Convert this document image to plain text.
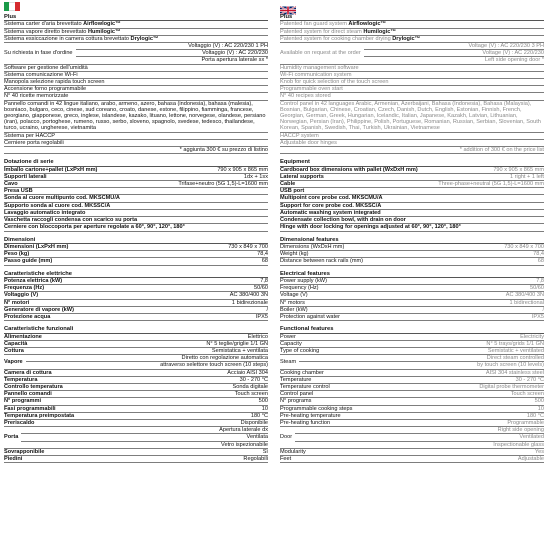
Plus
Sistema carter d'aria brevettato Airflowlogic™
Sistema vapore diretto brevettato Humilogic™
Sistema essiccazione in camera cottura brevettato Drylogic™
Su richiesta in fase d'ordine
Voltaggio (V) : AC 220/230 1 PH
Voltaggio (V) : AC 220/230
Porta apertura laterale sx *
Software per gestione dell'umidità
Sistema comunicazione Wi-Fi
Manopola selezione rapida touch screen
Accensione forno programmabile
N° 40 ricette memorizzate
Pannello comandi in 42 lingue italiano, arabo, armeno, azero, bahasa (indonesia), bahasa (malesia), bosniaco, bulgaro, ceco, cinese, sud coreano, croato, danese, estone, filippino, fiamminga, francese, georgiano, giapponese, greco, inglese, islandese, kazako, lituano, lettone, norvegese, olandese, persiano (iran), polacco, portoghese, rumeno, russo, serbo, sloveno, spagnolo, svedese, tedesco, thailandese, turco, ucraino, ungherese, vietnamita
Sistema per HACCP
Cerniere porta regolabili
* aggiunta 300 € su prezzo di listino
Dotazione di serie
Imballo cartone+pallet (LxPxH mm)	790 x 905 x 865 mm
Supporti laterali	1dx + 1sx
Cavo	Trifase+neutro (5G 1,5)-L=1600 mm
Presa USB
Sonda al cuore multipunto cod. MKSCMU/A
Supporto sonda al cuore cod. MKSSC/A
Lavaggio automatico integrato
Vaschetta raccogli condensa con scarico su porta
Cerniere con bloccoporta per aperture regolate a 60°, 90°, 120°, 180°
Dimensioni
Dimensioni (LxPxH mm)	730 x 849 x 700
Peso (kg)	78,4
Passo guide (mm)	68
Caratteristiche elettriche
Potenza elettrica (kW)	7,8
Frequenza (Hz)	50/60
Voltaggio (V)	AC 380/400 3N
N° motori	1 bidirezionale
Generatore di vapore (kW)	/
Protezione acqua	IPX5
Caratteristiche funzionali
Alimentazione	Elettrico
Capacità	N° 5 teglie/griglie 1/1 GN
Cottura	Semistatica + ventilata
Vapore
Diretto con regolazione automatica
attraverso selettore touch screen (10 steps)
Camera di cottura	Acciaio AISI 304
Temperatura	30 - 270 °C
Controllo temperatura	Sonda digitale
Pannello comandi	Touch screen
N° programmi	500
Fasi programmabili	10
Temperatura preimpostata	180 °C
Preriscaldo	Disponibile
Porta
Apertura laterale dx
Ventilata
Vetro ispezionabile
Sovrapponibile	Sì
Piedini	Regolabili
Plus
Patented fan guard system Airflowlogic™
Patented system for direct steam Humilogic™
Patented system for cooking chamber drying Drylogic™
Available on request at the order
Voltage (V) : AC 220/230 3 PH
Voltage (V) : AC 220/230
Left side opening door *
Humidity management software
Wi-Fi communication system
Knob for quick selection of the touch screen
Programmable oven start
N° 40 recipes stored
Control panel in 42 languages Arabic, Armenian, Azerbaijani, Bahasa (Indonesia), Bahasa (Malaysia), Bosnian, Bulgarian, Chinese, Croatian, Czech, Danish, Dutch, English, Estonian, Finnish, French, Georgian, German, Greek, Hungarian, Icelandic, Italian, Japanese, Kazakh, Latvian, Lithuanian, Norwegian, Persian (Iran), Philippine, Polish, Portuguese, Romanian, Russian, Serbian, Slovenian, South Korean, Spanish, Swedish, Thai, Turkish, Ukrainian, Vietnamese
HACCP system
Adjustable door hinges
* addition of 300 € on the price list
Equipment
Cardboard box dimensions with pallet (WxDxH mm)	790 x 905 x 865 mm
Lateral supports	1 right + 1 left
Cable	Three-phase+neutral (5G 1,5)-L=1600 mm
USB port
Multipoint core probe cod. MKSCMU/A
Support for core probe cod. MKSSC/A
Automatic washing system integrated
Condensate collection bowl, with drain on door
Hinge with door locking for openings adjusted at 60°, 90°, 120°, 180°
Dimensional features
Dimensions (WxDxH mm)	730 x 849 x 700
Weight (kg)	78,4
Distance between rack rails (mm)	68
Electrical features
Power supply (kW)	7,8
Frequency (Hz)	50/60
Voltage (V)	AC 380/400 3N
N° motors	1 bidirectional
Boiler (kW)	/
Protection against water	IPX5
Functional features
Power	Electricity
Capacity	N° 5 trays/grids 1/1 GN
Type of cooking	Semistatic + ventilated
Steam
Direct steam controlled
by touch screen (10 levels)
Cooking chamber	AISI 304 stainless steel
Temperature	30 - 270 °C
Temperature control	Digital probe thermometer
Control panel	Touch screen
N° programs	500
Programmable cooking steps	10
Pre-heating temperature	180 °C
Pre-heating function	Programmable
Door
Right side opening
Ventilated
Inspectionable glass
Modularity	Yes
Feet	Adjustable
